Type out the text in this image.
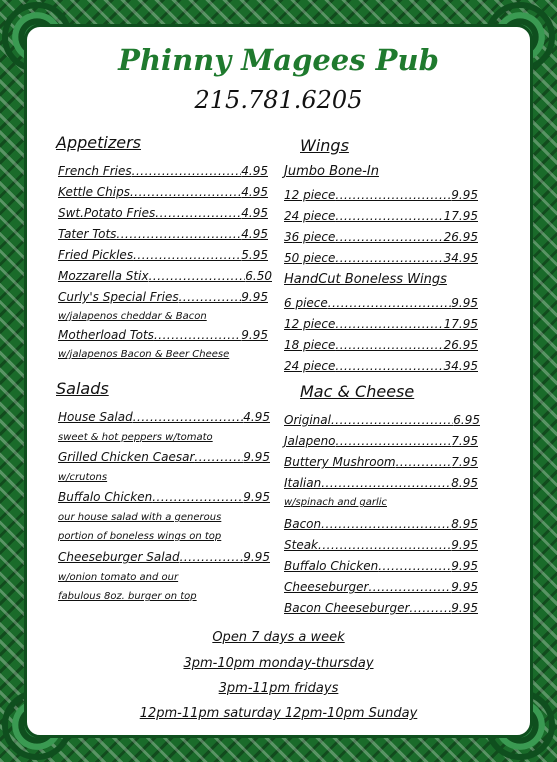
Phinny Magees Pub
215.781.6205
Appetizers
French Fries .....	4.95
Kettle Chips .....	4.95
Swt.Potato Fries .....	4.95
Tater Tots .....	4.95
Fried Pickles .....	5.95
Mozzarella Stix .....	6.50
Curly's Special Fries .....	9.95
w/jalapenos cheddar & Bacon
Motherload Tots .....	9.95
w/jalapenos Bacon & Beer Cheese
Salads
House Salad .....	4.95
sweet & hot peppers w/tomato
Grilled Chicken Caesar .....	9.95
w/crutons
Buffalo Chicken .....	9.95
our house salad with a generous
portion of boneless wings on top
Cheeseburger Salad .....	9.95
w/onion tomato and our
fabulous 8oz. burger on top
Wings
Jumbo Bone-In
12 piece .....	9.95
24 piece .....	17.95
36 piece .....	26.95
50 piece .....	34.95
HandCut Boneless Wings
6 piece .....	9.95
12 piece .....	17.95
18 piece .....	26.95
24 piece .....	34.95
Mac & Cheese
Original .....	6.95
Jalapeno .....	7.95
Buttery Mushroom .....	7.95
Italian .....	8.95
w/spinach and garlic
Bacon .....	8.95
Steak .....	9.95
Buffalo Chicken .....	9.95
Cheeseburger .....	9.95
Bacon Cheeseburger .....	9.95
Open 7 days a week
3pm-10pm monday-thursday
3pm-11pm fridays
12pm-11pm saturday 12pm-10pm Sunday
